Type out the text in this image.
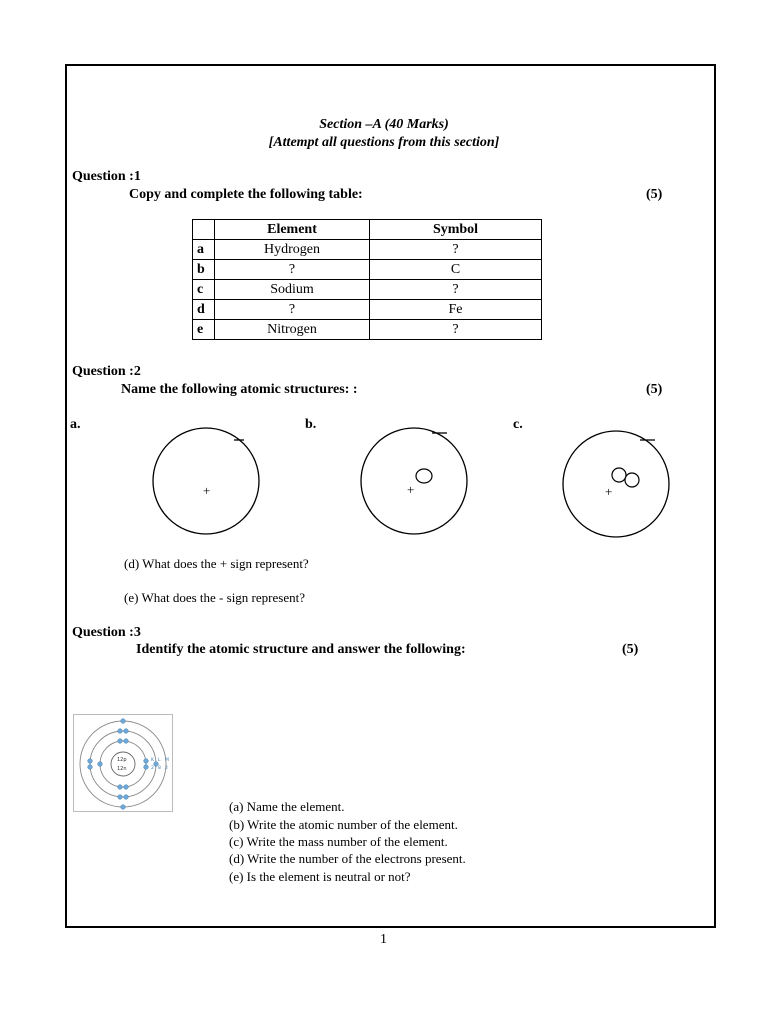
Section –A (40 Marks)
[Attempt all questions from this section]
Question :1
Copy and complete the following table:	(5)
	Element	Symbol
a	Hydrogen	?
b	?	C
c	Sodium	?
d	?	Fe
e	Nitrogen	?
Question :2
Name the following atomic structures: :	(5)
a.	b.	c.
+	+	+
(d) What does the + sign represent?
(e) What does the - sign represent?
Question :3
Identify the atomic structure and answer the following:	(5)
12p
12n
K L M
2 8 2
(a) Name the element.
(b) Write the atomic number of the element.
(c) Write the mass number of the element.
(d) Write the number of the electrons present.
(e) Is the element is neutral or not?
1
